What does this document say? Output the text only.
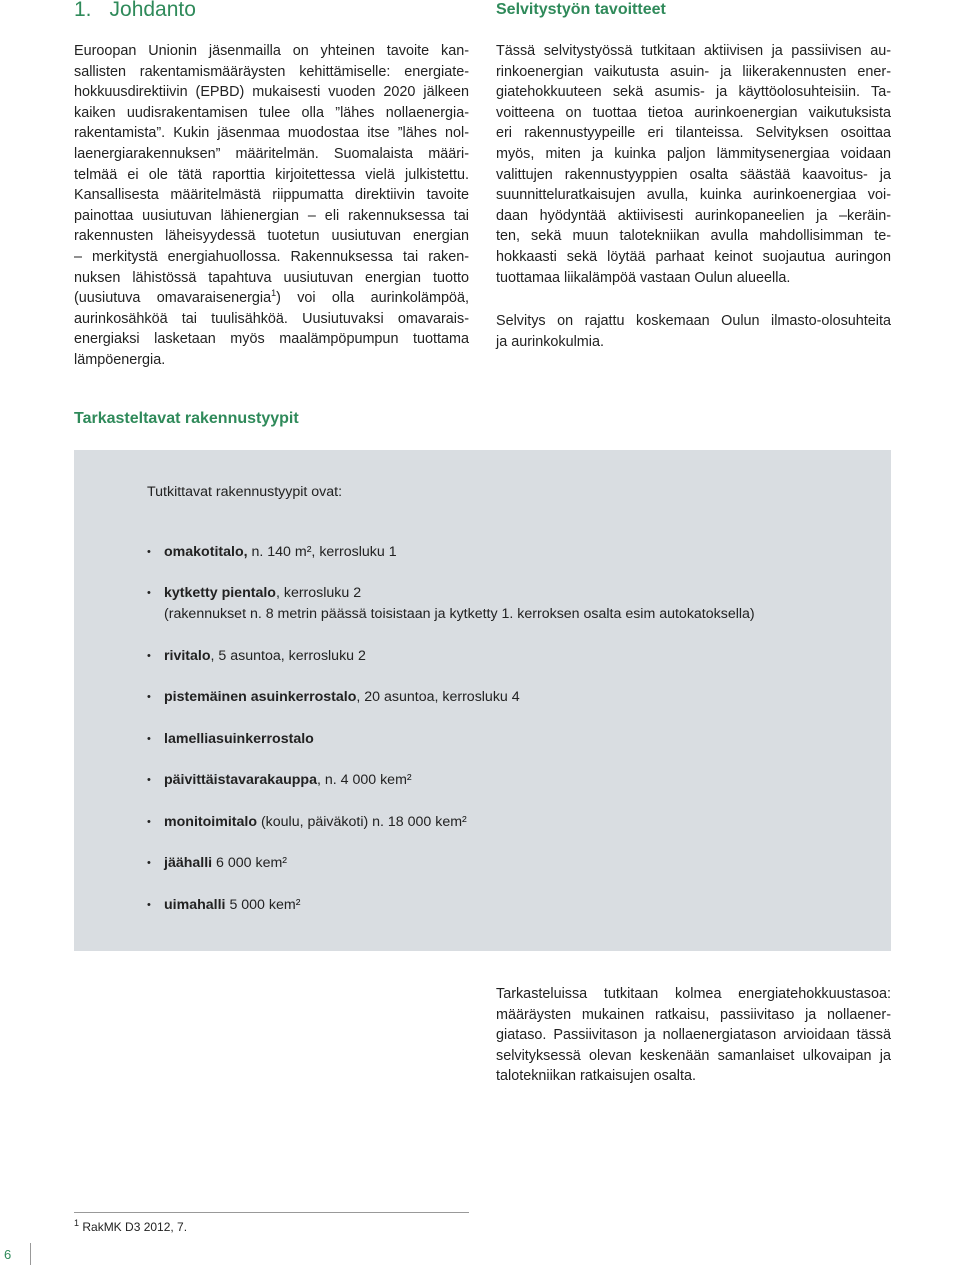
1. Johdanto
Euroopan Unionin jäsenmailla on yhteinen tavoite kan-
sallisten rakentamismääräysten kehittämiselle: energiate-
hokkuusdirektiivin (EPBD) mukaisesti vuoden 2020 jälkeen
kaiken uudisrakentamisen tulee olla ”lähes nollaenergia-
rakentamista”. Kukin jäsenmaa muodostaa itse ”lähes nol-
laenergiarakennuksen” määritelmän. Suomalaista määri-
telmää ei ole tätä raporttia kirjoitettessa vielä julkistettu.
Kansallisesta määritelmästä riippumatta direktiivin tavoite
painottaa uusiutuvan lähienergian – eli rakennuksessa tai
rakennusten läheisyydessä tuotetun uusiutuvan energian
– merkitystä energiahuollossa. Rakennuksessa tai raken-
nuksen lähistössä tapahtuva uusiutuvan energian tuotto
(uusiutuva omavaraisenergia$^1$) voi olla aurinkolämpöä,
aurinkosähköä tai tuulisähköä. Uusiutuvaksi omavarais-
energiaksi lasketaan myös maalämpöpumpun tuottama
lämpöenergia.
Selvitystyön tavoitteet
Tässä selvitystyössä tutkitaan aktiivisen ja passiivisen au-
rinkoenergian vaikutusta asuin- ja liikerakennusten ener-
giatehokkuuteen sekä asumis- ja käyttöolosuhteisiin. Ta-
voitteena on tuottaa tietoa aurinkoenergian vaikutuksista
eri rakennustyypeille eri tilanteissa. Selvityksen osoittaa
myös, miten ja kuinka paljon lämmitysenergiaa voidaan
valittujen rakennustyyppien osalta säästää kaavoitus- ja
suunnitteluratkaisujen avulla, kuinka aurinkoenergiaa voi-
daan hyödyntää aktiivisesti aurinkopaneelien ja –keräin-
ten, sekä muun talotekniikan avulla mahdollisimman te-
hokkaasti sekä löytää parhaat keinot suojautua auringon
tuottamaa liikalämpöä vastaan Oulun alueella.
Selvitys on rajattu koskemaan Oulun ilmasto-olosuhteita
ja aurinkokulmia.
Tarkasteltavat rakennustyypit
Tutkittavat rakennustyypit ovat:
• omakotitalo, n. 140 m², kerrosluku 1
• kytketty pientalo, kerrosluku 2
(rakennukset n. 8 metrin päässä toisistaan ja kytketty 1. kerroksen osalta esim autokatoksella)
• rivitalo, 5 asuntoa, kerrosluku 2
• pistemäinen asuinkerrostalo, 20 asuntoa, kerrosluku 4
• lamelliasuinkerrostalo
• päivittäistavarakauppa, n. 4 000 kem²
• monitoimitalo (koulu, päiväkoti) n. 18 000 kem²
• jäähalli 6 000 kem²
• uimahalli 5 000 kem²
Tarkasteluissa tutkitaan kolmea energiatehokkuustasoa:
määräysten mukainen ratkaisu, passiivitaso ja nollaener-
giataso. Passiivitason ja nollaenergiatason arvioidaan tässä
selvityksessä olevan keskenään samanlaiset ulkovaipan ja
talotekniikan ratkaisujen osalta.
$^1$ RakMK D3 2012, 7.
6
